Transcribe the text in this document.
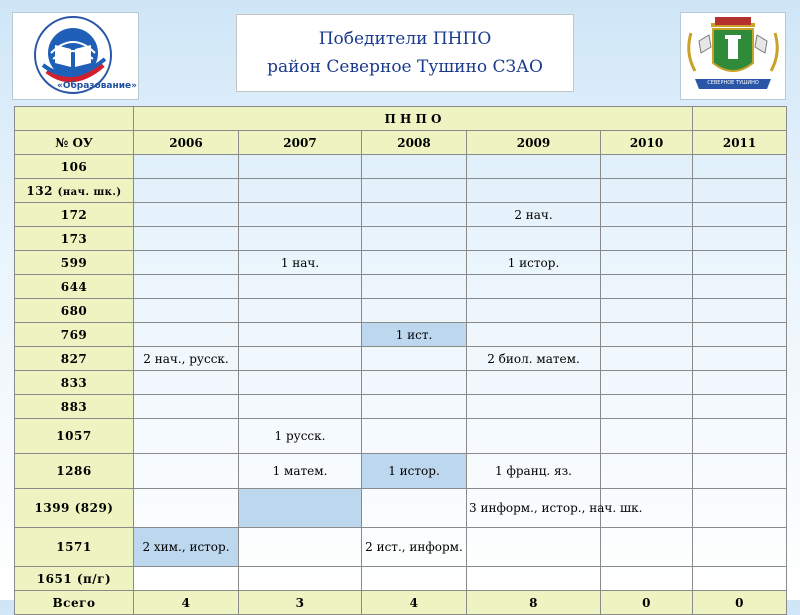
«Образование»
Победители ПНПО
район Северное Тушино СЗАО
СЕВЕРНОЕ ТУШИНО
	П Н П О					
№ ОУ	2006	2007	2008	2009	2010	2011
106						
132 (нач. шк.)						
172				2 нач.		
173						
599		1 нач.		1 истор.		
644						
680						
769			1 ист.			
827	2 нач., русск.			2 биол. матем.		
833						
883						
1057		1 русск.				
1286		1 матем.	1 истор.	1 франц. яз.		
1399 (829)				3 информ., истор., нач. шк.		
1571	2 хим., истор.		2 ист., информ.			
1651 (п/г)						
Всего	4	3	4	8	0	0
